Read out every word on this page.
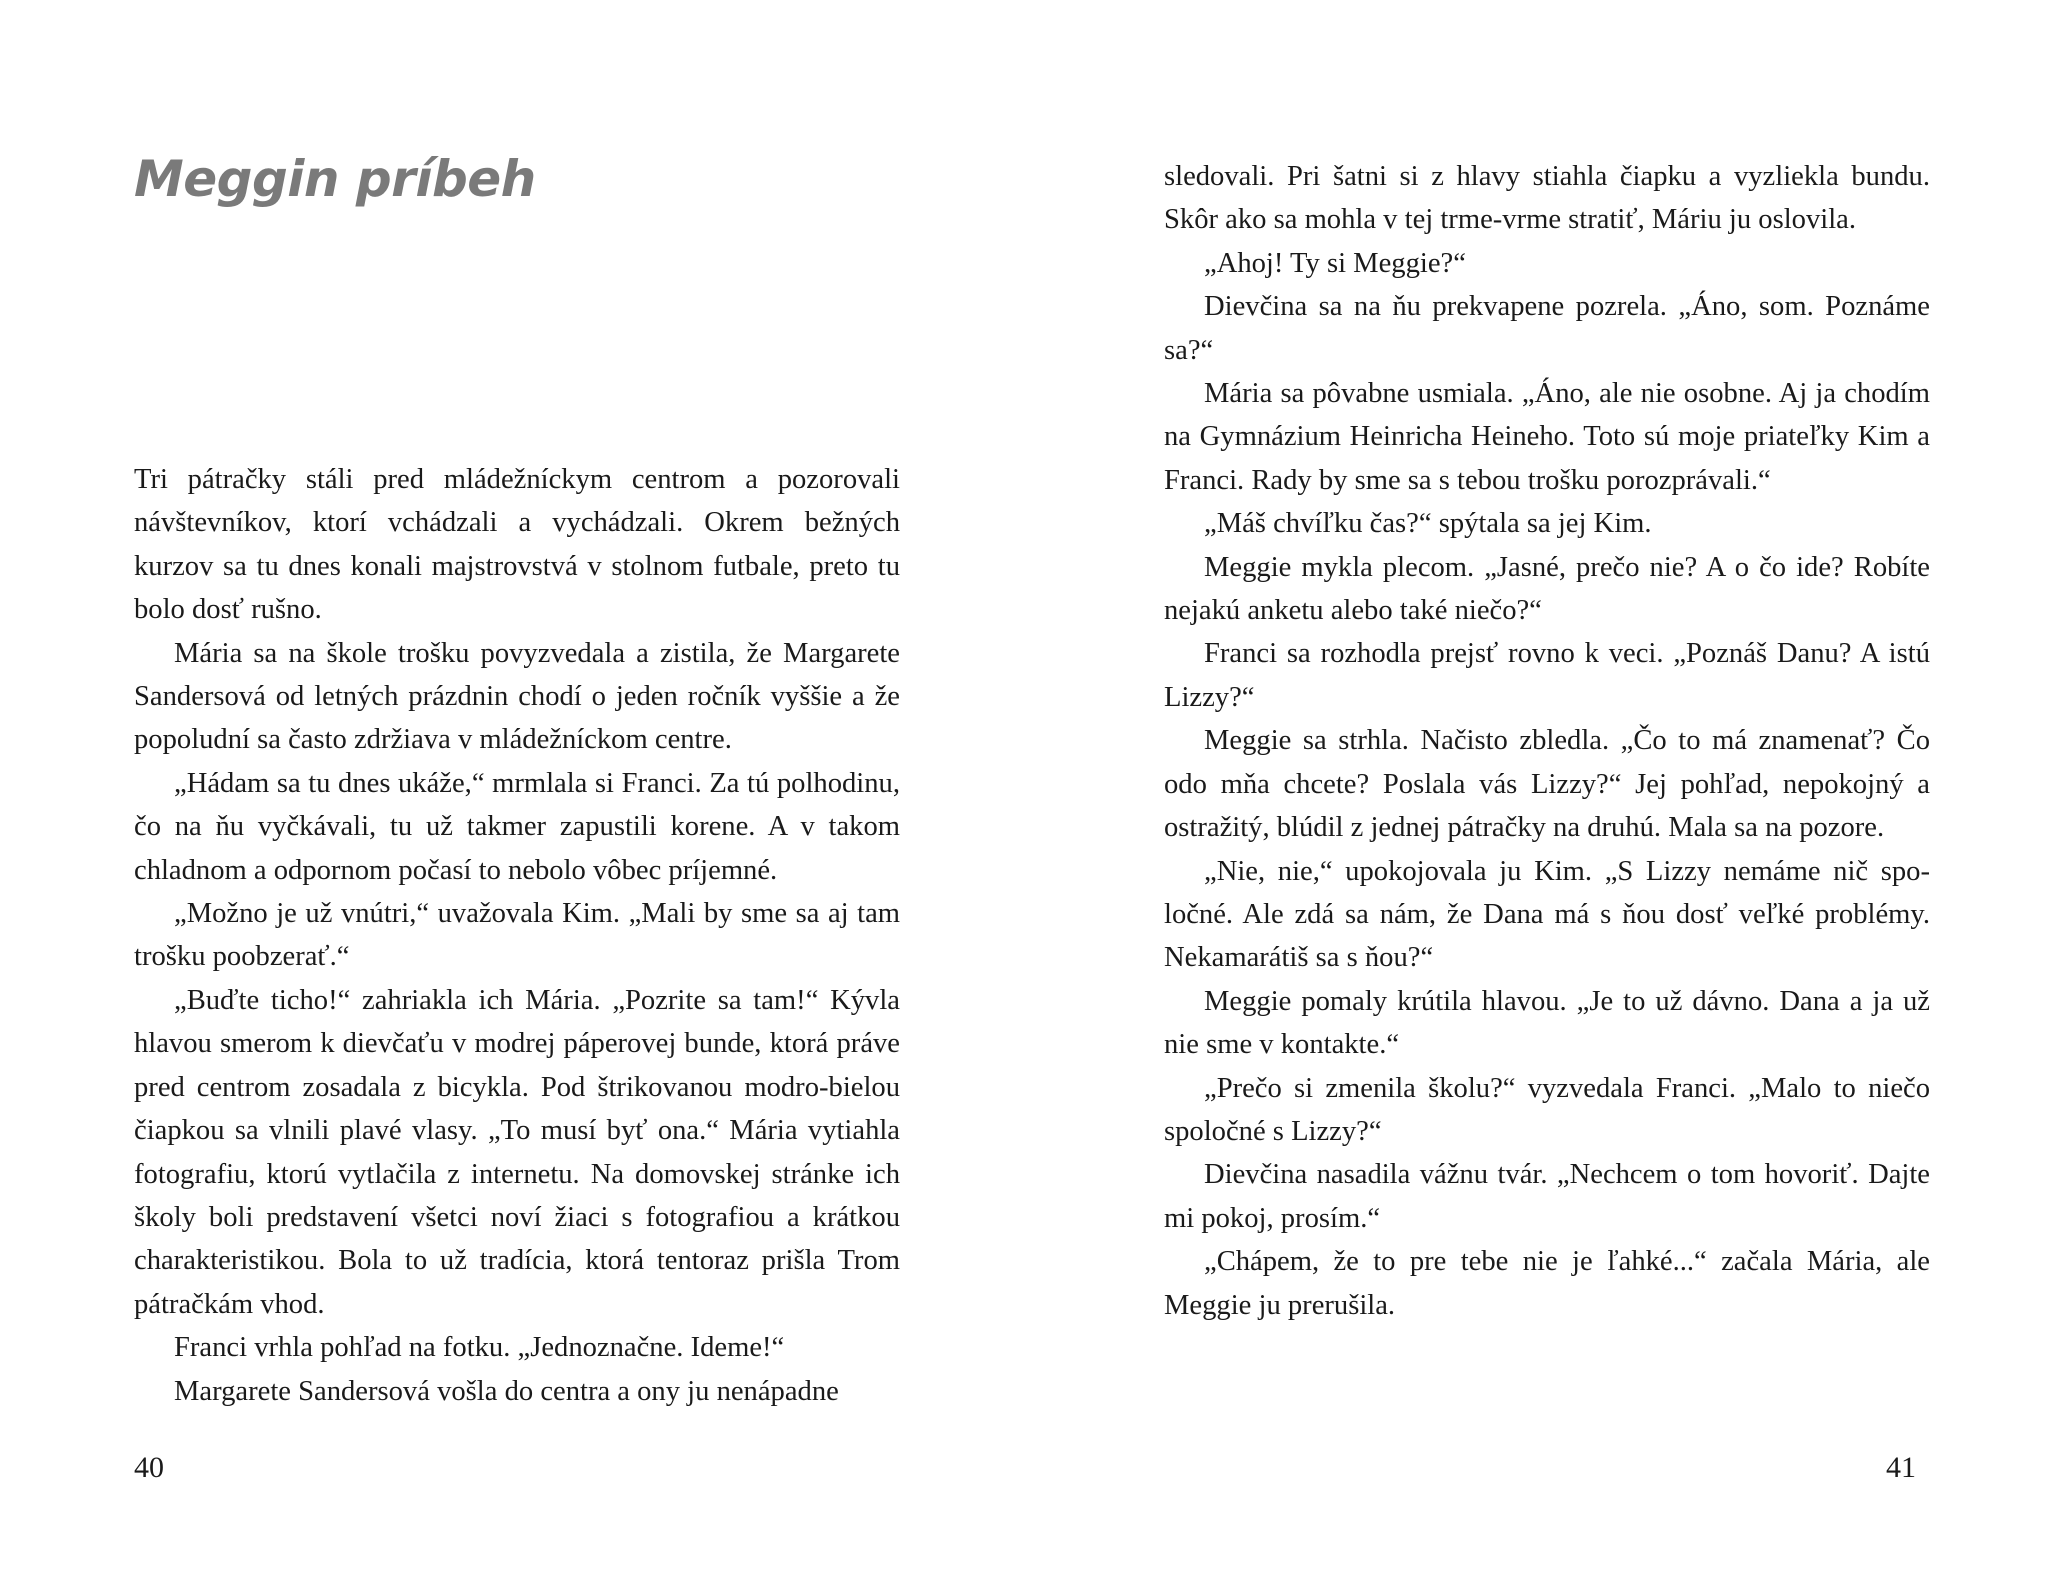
Meggin príbeh

Tri pátračky stáli pred mládežníckym centrom a pozorovali návštevníkov, ktorí vchádzali a vychádzali. Okrem bežných kurzov sa tu dnes konali majstrovstvá v stolnom futbale, preto tu bolo dosť rušno.

Mária sa na škole trošku povyzvedala a zistila, že Margarete Sandersová od letných prázdnin chodí o jeden ročník vyššie a že popoludní sa často zdržiava v mládežníckom centre.

„Hádam sa tu dnes ukáže,“ mrmlala si Franci. Za tú polhodinu, čo na ňu vyčkávali, tu už takmer zapustili korene. A v takom chladnom a odpornom počasí to nebolo vôbec príjemné.

„Možno je už vnútri,“ uvažovala Kim. „Mali by sme sa aj tam trošku poobzerať.“

„Buďte ticho!“ zahriakla ich Mária. „Pozrite sa tam!“ Kývla hlavou smerom k dievčaťu v modrej páperovej bunde, ktorá práve pred centrom zosadala z bicykla. Pod štrikovanou modro-bielou čiapkou sa vlnili plavé vlasy. „To musí byť ona.“ Mária vytiahla fotografiu, ktorú vytlačila z internetu. Na domovskej stránke ich školy boli predstavení všetci noví žiaci s fotografiou a krátkou charakteristikou. Bola to už tradícia, ktorá tentoraz prišla Trom pátračkám vhod.

Franci vrhla pohľad na fotku. „Jednoznačne. Ideme!“

Margarete Sandersová vošla do centra a ony ju nenápadne

40

sledovali. Pri šatni si z hlavy stiahla čiapku a vyzliekla bundu. Skôr ako sa mohla v tej trme-vrme stratiť, Máriu ju oslovila.

„Ahoj! Ty si Meggie?“

Dievčina sa na ňu prekvapene pozrela. „Áno, som. Poznáme sa?“

Mária sa pôvabne usmiala. „Áno, ale nie osobne. Aj ja chodím na Gymnázium Heinricha Heineho. Toto sú moje priateľky Kim a Franci. Rady by sme sa s tebou trošku porozprávali.“

„Máš chvíľku čas?“ spýtala sa jej Kim.

Meggie mykla plecom. „Jasné, prečo nie? A o čo ide? Robíte nejakú anketu alebo také niečo?“

Franci sa rozhodla prejsť rovno k veci. „Poznáš Danu? A istú Lizzy?“

Meggie sa strhla. Načisto zbledla. „Čo to má znamenať? Čo odo mňa chcete? Poslala vás Lizzy?“ Jej pohľad, nepokojný a ostražitý, blúdil z jednej pátračky na druhú. Mala sa na pozore.

„Nie, nie,“ upokojovala ju Kim. „S Lizzy nemáme nič spoločné. Ale zdá sa nám, že Dana má s ňou dosť veľké problémy. Nekamarátiš sa s ňou?“

Meggie pomaly krútila hlavou. „Je to už dávno. Dana a ja už nie sme v kontakte.“

„Prečo si zmenila školu?“ vyzvedala Franci. „Malo to niečo spoločné s Lizzy?“

Dievčina nasadila vážnu tvár. „Nechcem o tom hovoriť. Dajte mi pokoj, prosím.“

„Chápem, že to pre tebe nie je ľahké...“ začala Mária, ale Meggie ju prerušila.

41
